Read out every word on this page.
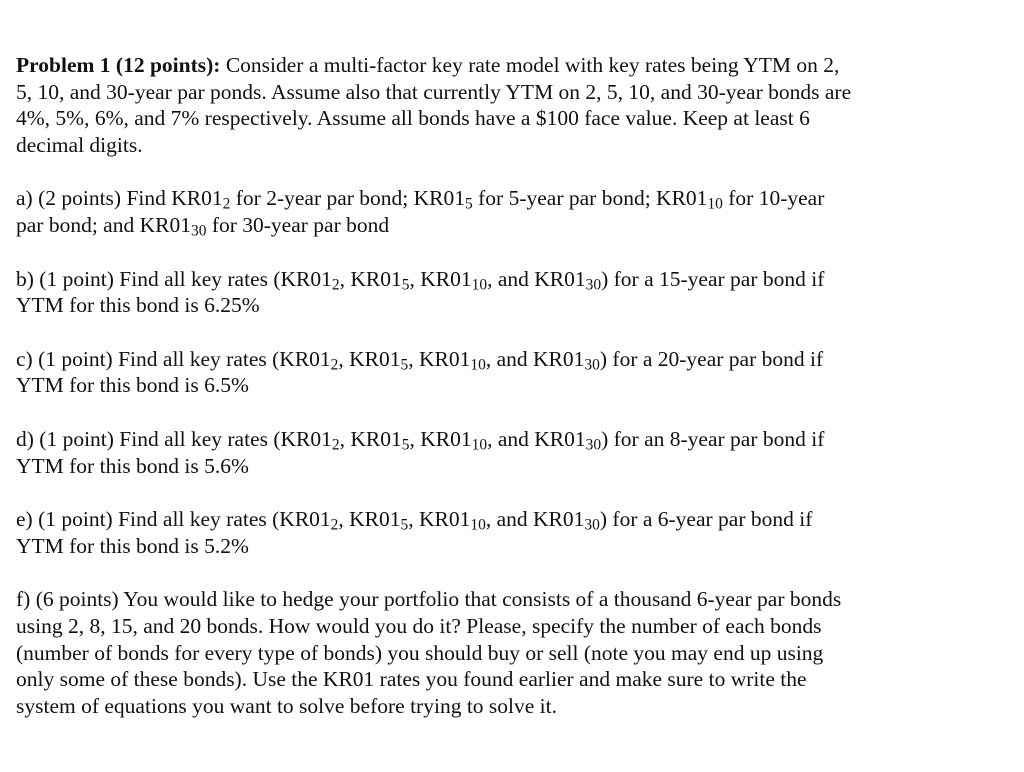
Problem 1 (12 points): Consider a multi-factor key rate model with key rates being YTM on 2,
5, 10, and 30-year par ponds. Assume also that currently YTM on 2, 5, 10, and 30-year bonds are
4%, 5%, 6%, and 7% respectively. Assume all bonds have a $100 face value. Keep at least 6
decimal digits.

a) (2 points) Find $KR01_2$ for 2-year par bond; $KR01_5$ for 5-year par bond; $KR01_{10}$ for 10-year
par bond; and $KR01_{30}$ for 30-year par bond

b) (1 point) Find all key rates ($KR01_2$, $KR01_5$, $KR01_{10}$, and $KR01_{30}$) for a 15-year par bond if
YTM for this bond is 6.25%

c) (1 point) Find all key rates ($KR01_2$, $KR01_5$, $KR01_{10}$, and $KR01_{30}$) for a 20-year par bond if
YTM for this bond is 6.5%

d) (1 point) Find all key rates ($KR01_2$, $KR01_5$, $KR01_{10}$, and $KR01_{30}$) for an 8-year par bond if
YTM for this bond is 5.6%

e) (1 point) Find all key rates ($KR01_2$, $KR01_5$, $KR01_{10}$, and $KR01_{30}$) for a 6-year par bond if
YTM for this bond is 5.2%

f) (6 points) You would like to hedge your portfolio that consists of a thousand 6-year par bonds
using 2, 8, 15, and 20 bonds. How would you do it? Please, specify the number of each bonds
(number of bonds for every type of bonds) you should buy or sell (note you may end up using
only some of these bonds). Use the KR01 rates you found earlier and make sure to write the
system of equations you want to solve before trying to solve it.
